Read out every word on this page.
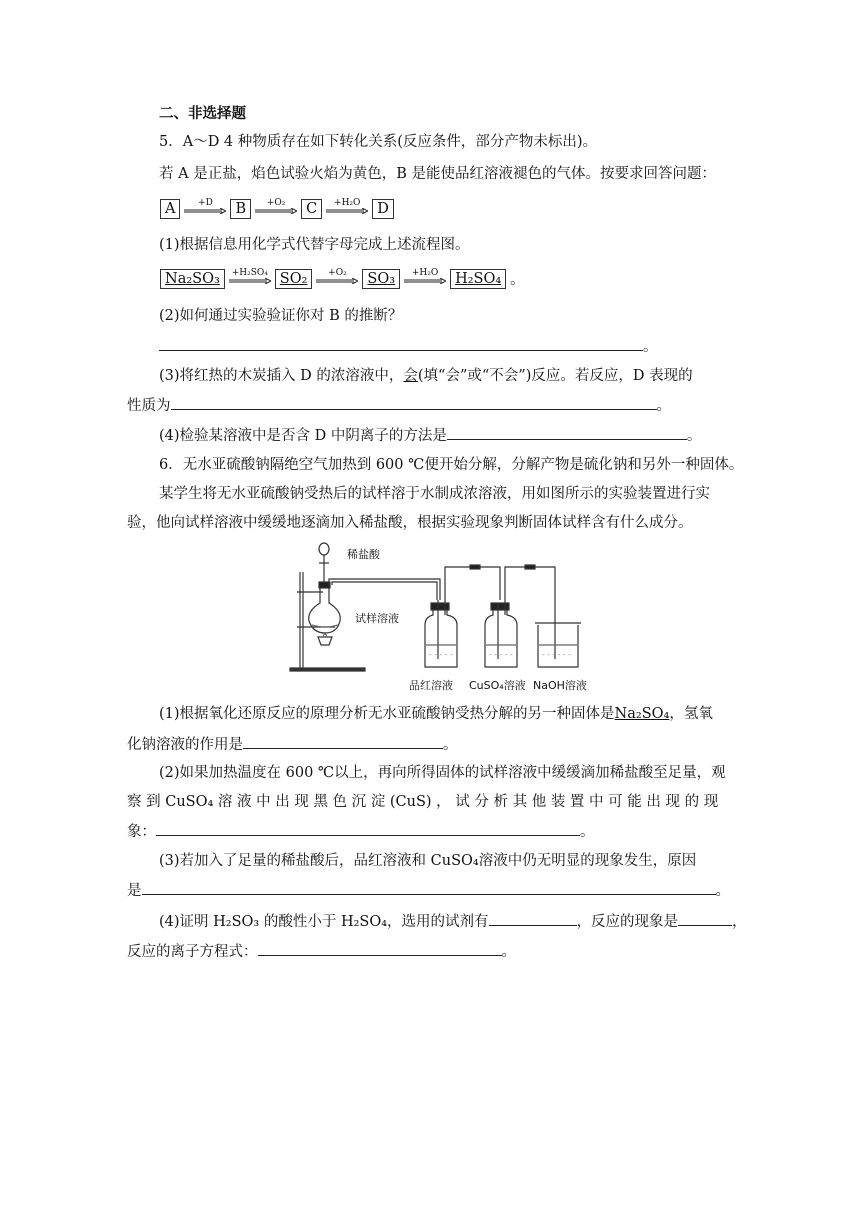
二、非选择题
5．A～D 4 种物质存在如下转化关系(反应条件，部分产物未标出)。
若 A 是正盐，焰色试验火焰为黄色，B 是能使品红溶液褪色的气体。按要求回答问题：
A	+D	B	+O₂	C	+H₂O	D
(1)根据信息用化学式代替字母完成上述流程图。
Na₂SO₃	+H₂SO₄ SO₂	+O₂	SO₃	+H₂O	H₂SO₄ 。
(2)如何通过实验验证你对 B 的推断？
。
(3)将红热的木炭插入 D 的浓溶液中，会(填“会”或“不会”)反应。若反应，D 表现的
性质为	。
(4)检验某溶液中是否含 D 中阴离子的方法是	。
6．无水亚硫酸钠隔绝空气加热到 600 ℃便开始分解，分解产物是硫化钠和另外一种固体。
某学生将无水亚硫酸钠受热后的试样溶于水制成浓溶液，用如图所示的实验装置进行实
验，他向试样溶液中缓缓地逐滴加入稀盐酸，根据实验现象判断固体试样含有什么成分。
- - - - -	- - - - -	- - - - - -
稀盐酸
试样溶液
品红溶液 CuSO₄溶液 NaOH溶液
(1)根据氧化还原反应的原理分析无水亚硫酸钠受热分解的另一种固体是Na₂SO₄，氢氧
化钠溶液的作用是	。
(2)如果加热温度在 600 ℃以上，再向所得固体的试样溶液中缓缓滴加稀盐酸至足量，观
察 到 CuSO₄ 溶 液 中 出 现 黑 色 沉 淀 (CuS) ， 试 分 析 其 他 装 置 中 可 能 出 现 的 现
象：	。
(3)若加入了足量的稀盐酸后，品红溶液和 CuSO₄溶液中仍无明显的现象发生，原因
是	。
(4)证明 H₂SO₃ 的酸性小于 H₂SO₄，选用的试剂有	，反应的现象是	，
反应的离子方程式：	。
